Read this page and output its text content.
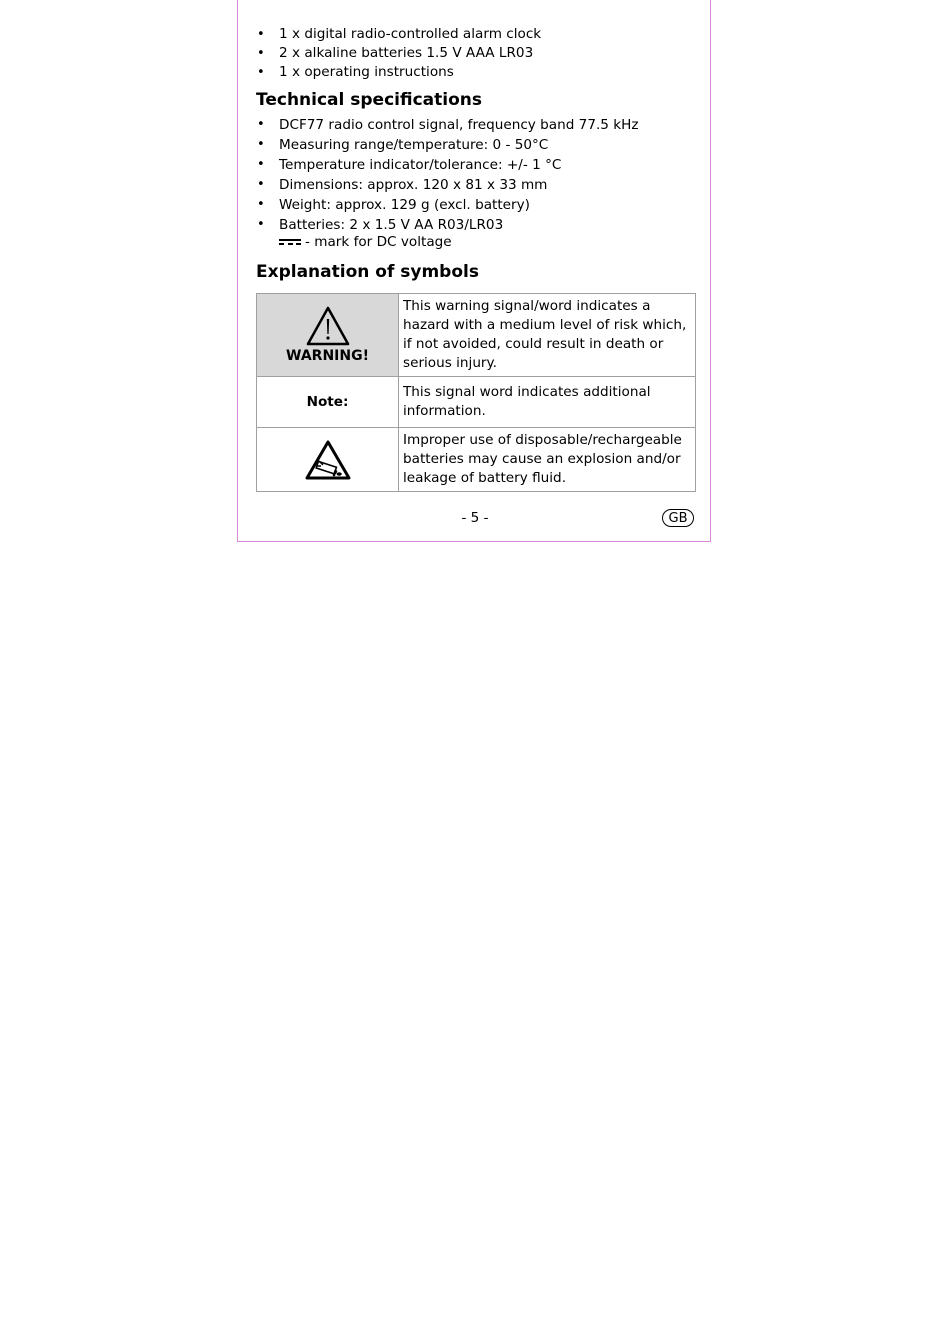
• 1 x digital radio-controlled alarm clock
• 2 x alkaline batteries 1.5 V AAA LR03
• 1 x operating instructions
Technical specifications
• DCF77 radio control signal, frequency band 77.5 kHz
• Measuring range/temperature: 0 - 50°C
• Temperature indicator/tolerance: +/- 1 °C
• Dimensions: approx. 120 x 81 x 33 mm
• Weight: approx. 129 g (excl. battery)
• Batteries: 2 x 1.5 V AA R03/LR03
- mark for DC voltage
Explanation of symbols
WARNING!	This warning signal/word indicates a hazard with a medium level of risk which, if not avoided, could result in death or serious injury.
Note:	This signal word indicates additional information.

	Improper use of disposable/rechargeable batteries may cause an explosion and/or leakage of battery fluid.
- 5 -	GB
